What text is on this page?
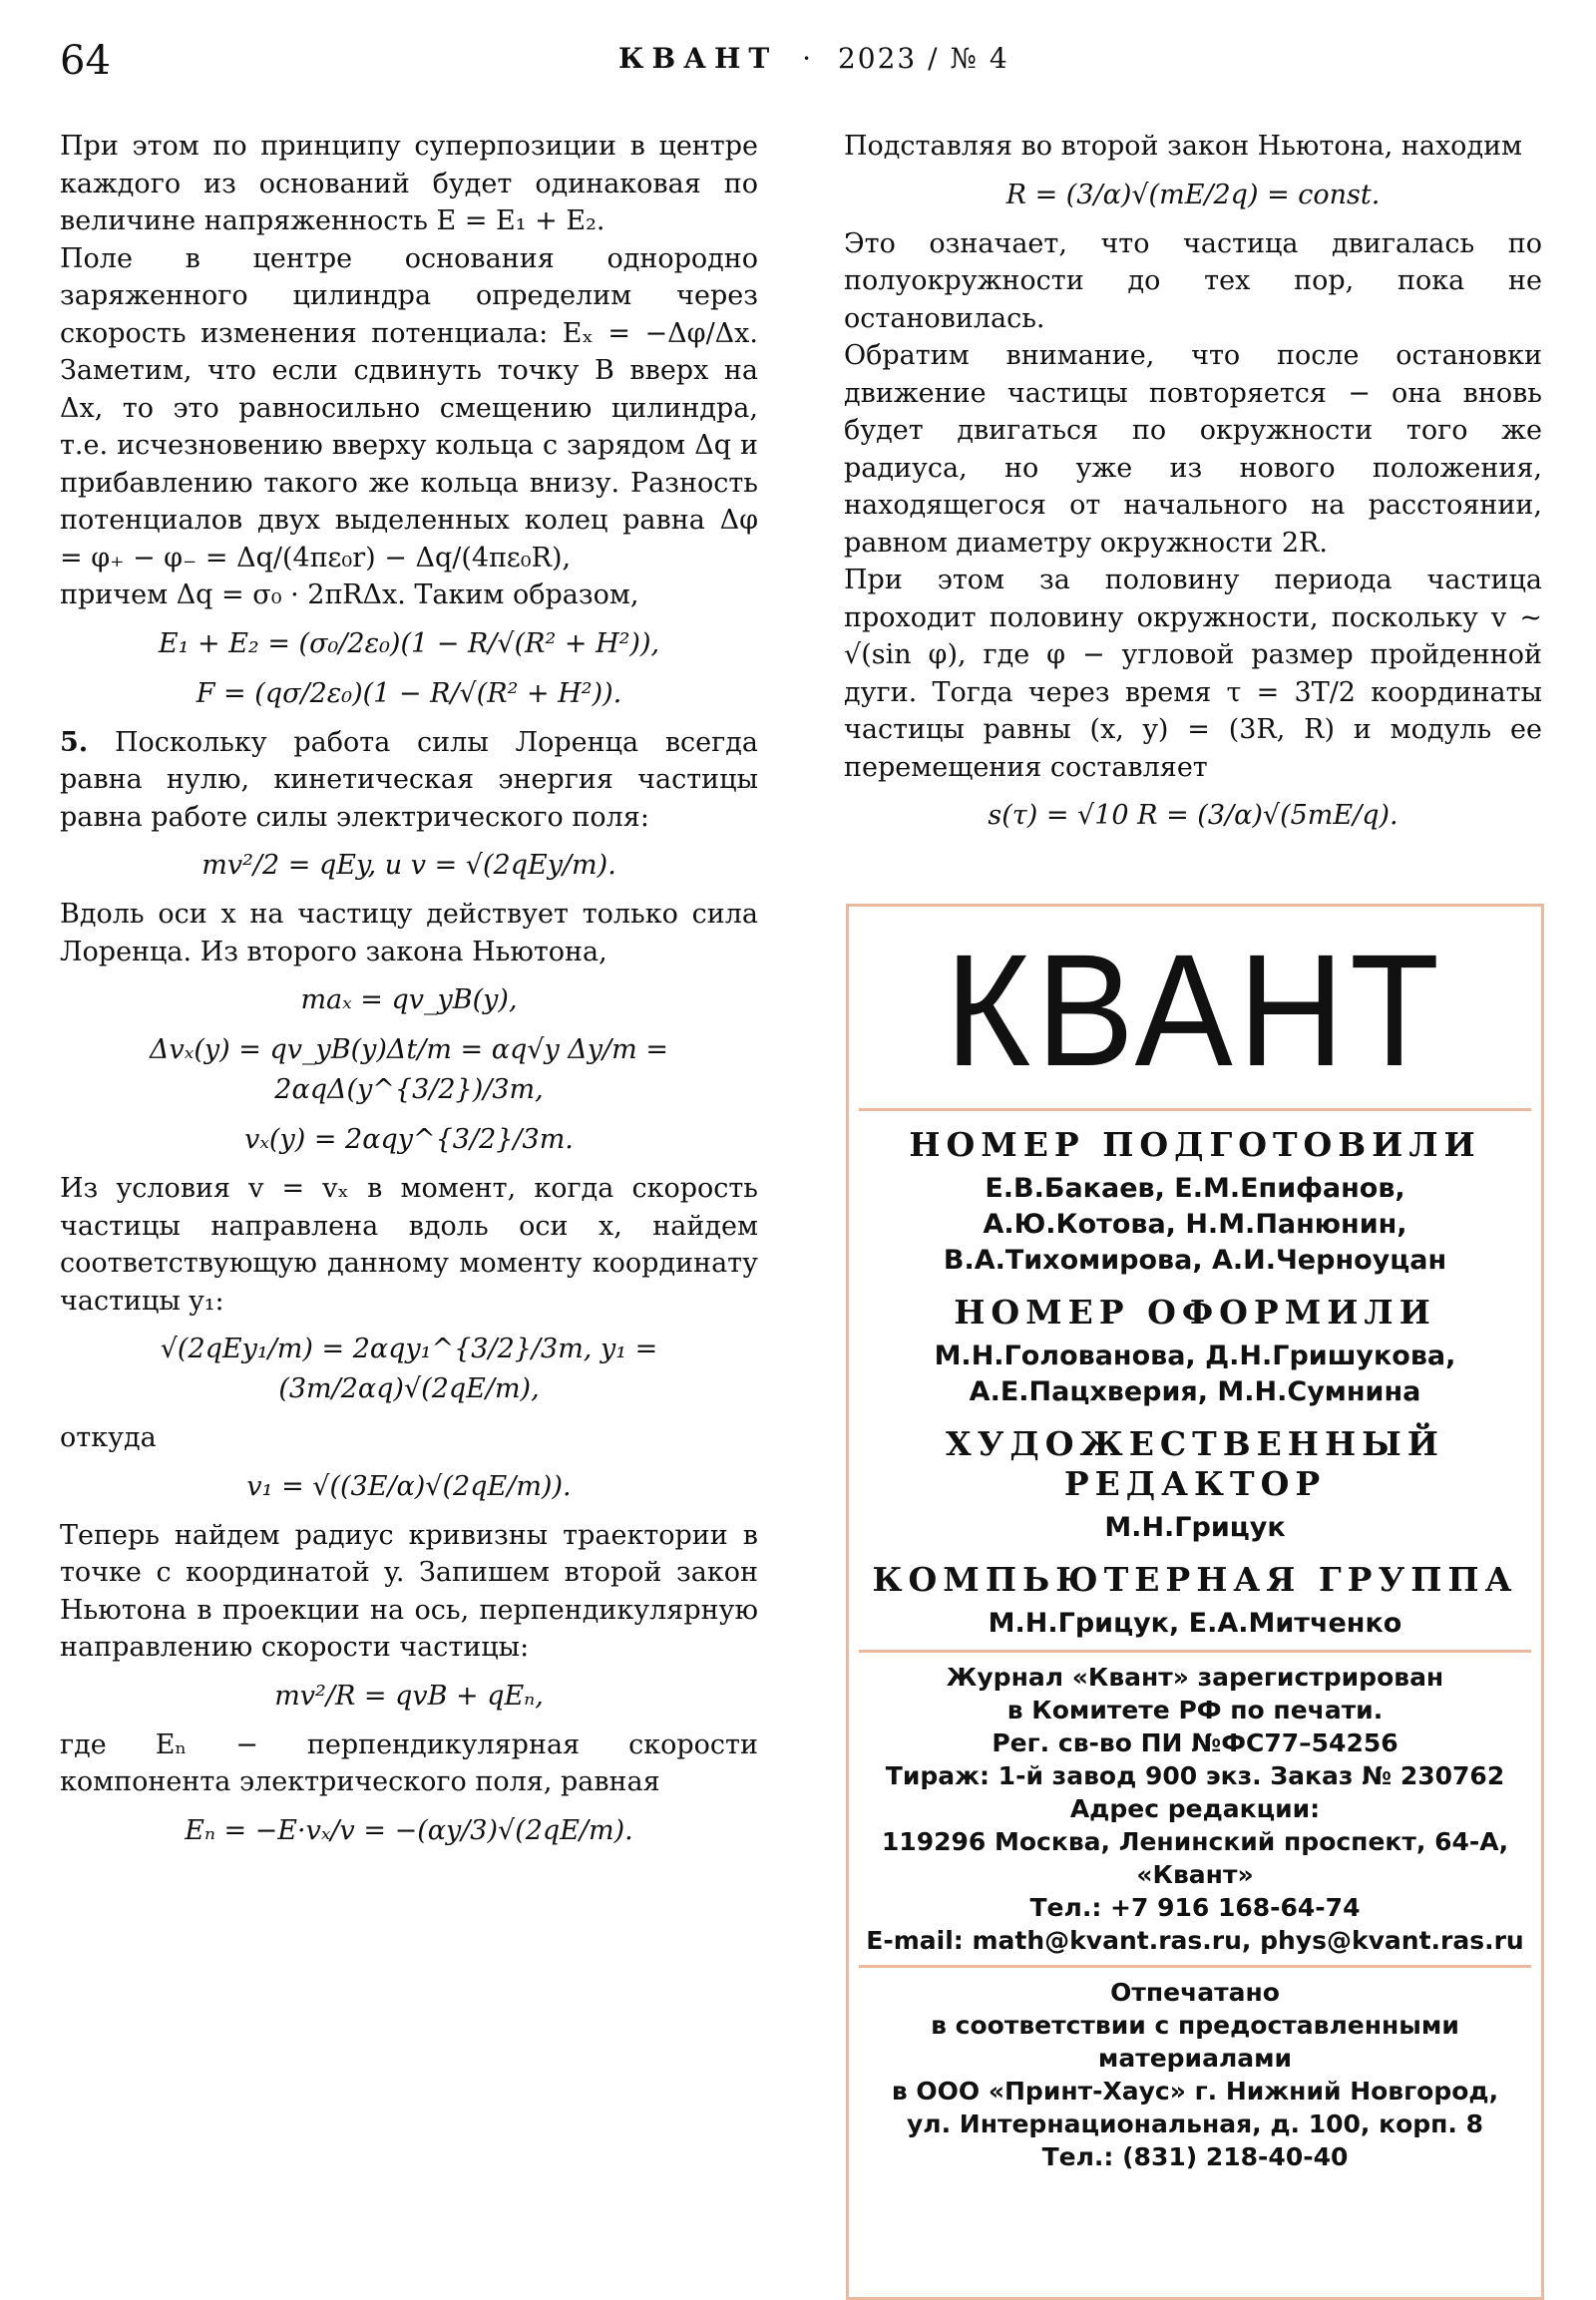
64	КВАНТ · 2023 / № 4

При этом по принципу суперпозиции в центре каждого из оснований будет одинаковая по величине напряженность E = E₁ + E₂.

Поле в центре основания однородно заряженного цилиндра определим через скорость изменения потенциала: Eₓ = −Δφ/Δx. Заметим, что если сдвинуть точку B вверх на Δx, то это равносильно смещению цилиндра, т.е. исчезновению вверху кольца с зарядом Δq и прибавлению такого же кольца внизу. Разность потенциалов двух выделенных колец равна Δφ = φ₊ − φ₋ = Δq/(4πε₀r) − Δq/(4πε₀R),

причем Δq = σ₀ · 2πRΔx. Таким образом,

E₁ + E₂ = (σ₀/2ε₀)(1 − R/√(R² + H²)),
F = (qσ/2ε₀)(1 − R/√(R² + H²)).

5. Поскольку работа силы Лоренца всегда равна нулю, кинетическая энергия частицы равна работе силы электрического поля:

mv²/2 = qEy, и v = √(2qEy/m).

Вдоль оси x на частицу действует только сила Лоренца. Из второго закона Ньютона,

maₓ = qv_yB(y),
Δvₓ(y) = qv_yB(y)Δt/m = αq√y Δy/m = 2αqΔ(y^{3/2})/3m,
vₓ(y) = 2αqy^{3/2}/3m.

Из условия v = vₓ в момент, когда скорость частицы направлена вдоль оси x, найдем соответствующую данному моменту координату частицы y₁:

√(2qEy₁/m) = 2αqy₁^{3/2}/3m, y₁ = (3m/2αq)√(2qE/m),

откуда

v₁ = √((3E/α)√(2qE/m)).

Теперь найдем радиус кривизны траектории в точке с координатой y. Запишем второй закон Ньютона в проекции на ось, перпендикулярную направлению скорости частицы:

mv²/R = qvB + qEₙ,

где Eₙ − перпендикулярная скорости компонента электрического поля, равная

Eₙ = −E·vₓ/v = −(αy/3)√(2qE/m).

Подставляя во второй закон Ньютона, находим

R = (3/α)√(mE/2q) = const.

Это означает, что частица двигалась по полуокружности до тех пор, пока не остановилась.

Обратим внимание, что после остановки движение частицы повторяется − она вновь будет двигаться по окружности того же радиуса, но уже из нового положения, находящегося от начального на расстоянии, равном диаметру окружности 2R.

При этом за половину периода частица проходит половину окружности, поскольку v ~ √(sin φ), где φ − угловой размер пройденной дуги. Тогда через время τ = 3T/2 координаты частицы равны (x, y) = (3R, R) и модуль ее перемещения составляет

s(τ) = √10 R = (3/α)√(5mE/q).
КВАНТ
НОМЕР ПОДГОТОВИЛИ
Е.В.Бакаев, Е.М.Епифанов,
А.Ю.Котова, Н.М.Панюнин,
В.А.Тихомирова, А.И.Черноуцан
НОМЕР ОФОРМИЛИ
М.Н.Голованова, Д.Н.Гришукова,
А.Е.Пацхверия, М.Н.Сумнина
ХУДОЖЕСТВЕННЫЙ
РЕДАКТОР
М.Н.Грицук
КОМПЬЮТЕРНАЯ ГРУППА
М.Н.Грицук, Е.А.Митченко
Журнал «Квант» зарегистрирован
в Комитете РФ по печати.
Рег. св-во ПИ №ФС77–54256
Тираж: 1-й завод 900 экз. Заказ № 230762
Адрес редакции:
119296 Москва, Ленинский проспект, 64-А,
«Квант»
Тел.: +7 916 168-64-74
E-mail: math@kvant.ras.ru, phys@kvant.ras.ru
Отпечатано
в соответствии с предоставленными
материалами
в ООО «Принт-Хаус» г. Нижний Новгород,
ул. Интернациональная, д. 100, корп. 8
Тел.: (831) 218-40-40
